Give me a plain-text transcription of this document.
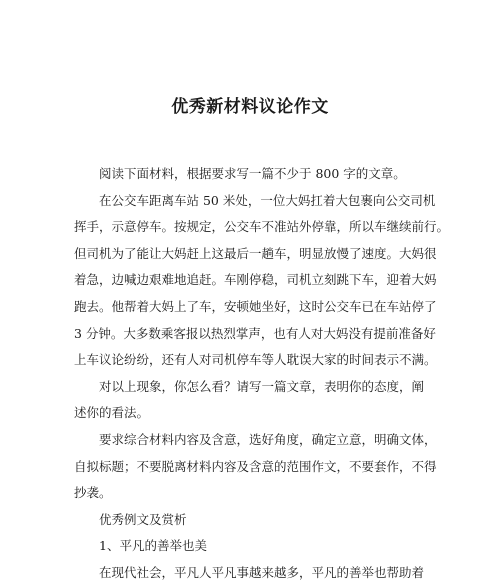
优秀新材料议论作文
阅读下面材料，根据要求写一篇不少于 800 字的文章。
在公交车距离车站 50 米处，一位大妈扛着大包裹向公交司机
挥手，示意停车。按规定，公交车不准站外停靠，所以车继续前行。
但司机为了能让大妈赶上这最后一趟车，明显放慢了速度。大妈很
着急，边喊边艰难地追赶。车刚停稳，司机立刻跳下车，迎着大妈
跑去。他帮着大妈上了车，安顿她坐好，这时公交车已在车站停了
3 分钟。大多数乘客报以热烈掌声，也有人对大妈没有提前准备好
上车议论纷纷，还有人对司机停车等人耽误大家的时间表示不满。
对以上现象，你怎么看？请写一篇文章，表明你的态度，阐
述你的看法。
要求综合材料内容及含意，选好角度，确定立意，明确文体，
自拟标题；不要脱离材料内容及含意的范围作文，不要套作，不得
抄袭。
优秀例文及赏析
1、平凡的善举也美
在现代社会，平凡人平凡事越来越多，平凡的善举也帮助着
